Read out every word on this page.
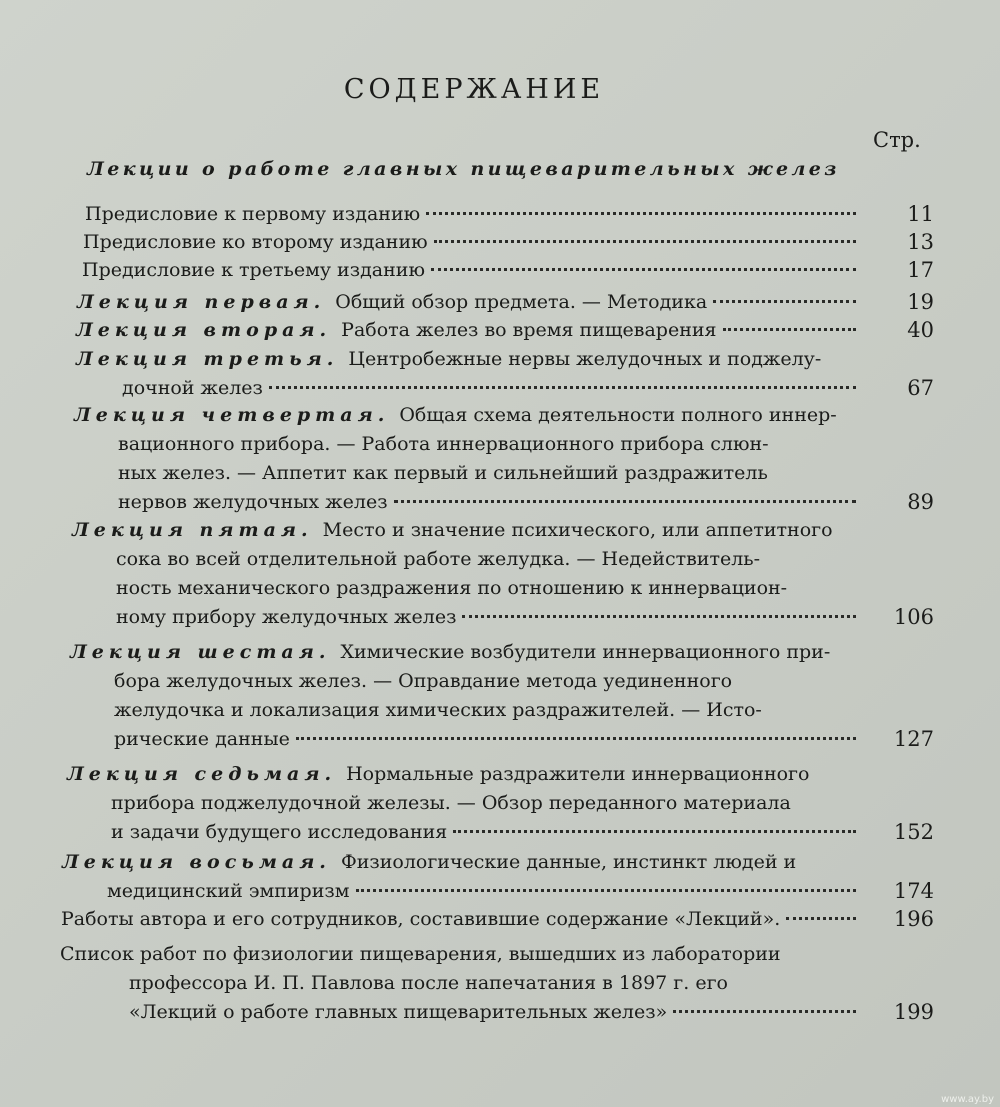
СОДЕРЖАНИЕ
Стр.
Лекции о работе главных пищеварительных желез
11
Предисловие к первому изданию
13
Предисловие ко второму изданию
17
Предисловие к третьему изданию
19
Лекция первая. Общий обзор предмета. — Методика
40
Лекция вторая. Работа желез во время пищеварения
Лекция третья. Центробежные нервы желудочных и поджелу-
67
дочной желез
Лекция четвертая. Общая схема деятельности полного иннер-
вационного прибора. — Работа иннервационного прибора слюн-
ных желез. — Аппетит как первый и сильнейший раздражитель
89
нервов желудочных желез
Лекция пятая. Место и значение психического, или аппетитного
сока во всей отделительной работе желудка. — Недействитель-
ность механического раздражения по отношению к иннервацион-
106
ному прибору желудочных желез
Лекция шестая. Химические возбудители иннервационного при-
бора желудочных желез. — Оправдание метода уединенного
желудочка и локализация химических раздражителей. — Исто-
127
рические данные
Лекция седьмая. Нормальные раздражители иннервационного
прибора поджелудочной железы. — Обзор переданного материала
152
и задачи будущего исследования
Лекция восьмая. Физиологические данные, инстинкт людей и
174
медицинский эмпиризм
196
Работы автора и его сотрудников, составившие содержание «Лекций».
Список работ по физиологии пищеварения, вышедших из лаборатории
профессора И. П. Павлова после напечатания в 1897 г. его
199
«Лекций о работе главных пищеварительных желез»
www.ay.by
